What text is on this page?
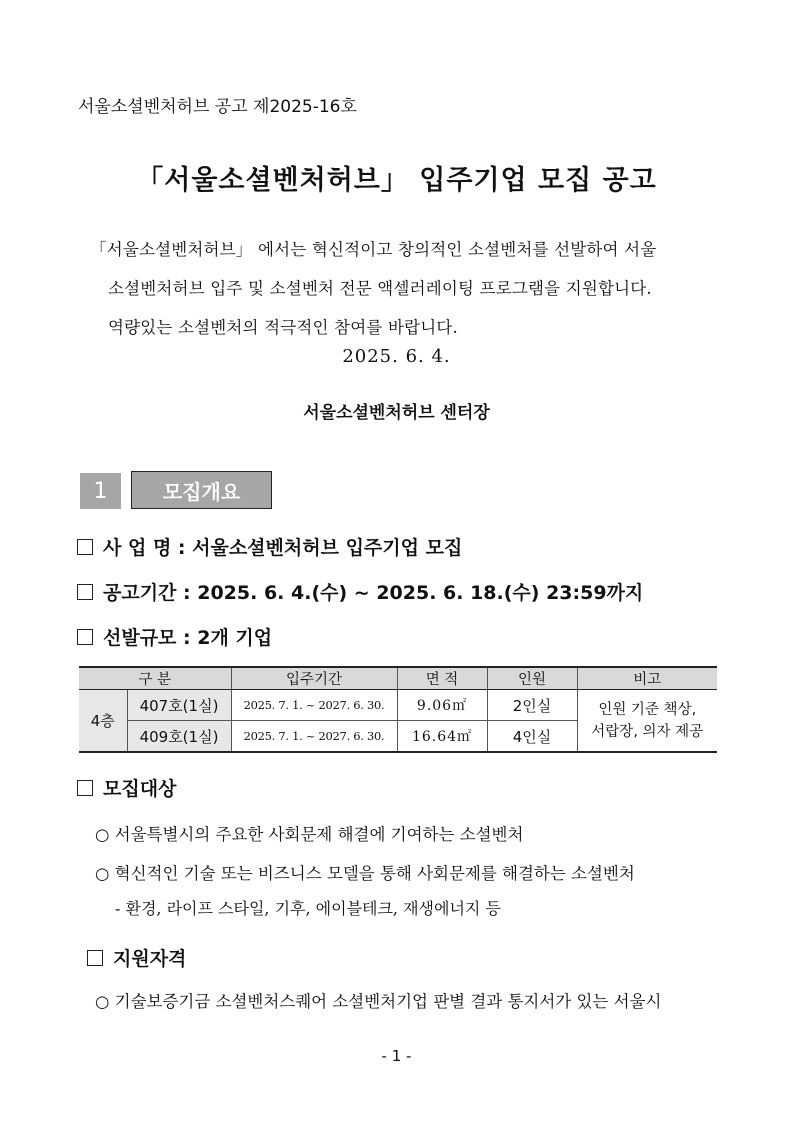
서울소셜벤처허브 공고 제2025‐16호
「서울소셜벤처허브」 입주기업 모집 공고
「서울소셜벤처허브」 에서는 혁신적이고 창의적인 소셜벤처를 선발하여 서울
소셜벤처허브 입주 및 소셜벤처 전문 액셀러레이팅 프로그램을 지원합니다.
역량있는 소셜벤처의 적극적인 참여를 바랍니다.
2025. 6. 4.
서울소셜벤처허브 센터장
1	모집개요
사 업 명 : 서울소셜벤처허브 입주기업 모집
공고기간 : 2025. 6. 4.(수) ~ 2025. 6. 18.(수) 23:59까지
선발규모 : 2개 기업
구 분		입주기간	면 적	인원	비고
4층	407호(1실)	2025. 7. 1. ~ 2027. 6. 30.	9.06㎡	2인실	인원 기준 책상,
서랍장, 의자 제공

	409호(1실)	2025. 7. 1. ~ 2027. 6. 30.	16.64㎡	4인실	
모집대상
○ 서울특별시의 주요한 사회문제 해결에 기여하는 소셜벤처
○ 혁신적인 기술 또는 비즈니스 모델을 통해 사회문제를 해결하는 소셜벤처
- 환경, 라이프 스타일, 기후, 에이블테크, 재생에너지 등
지원자격
○ 기술보증기금 소셜벤처스퀘어 소셜벤처기업 판별 결과 통지서가 있는 서울시
- 1 -
